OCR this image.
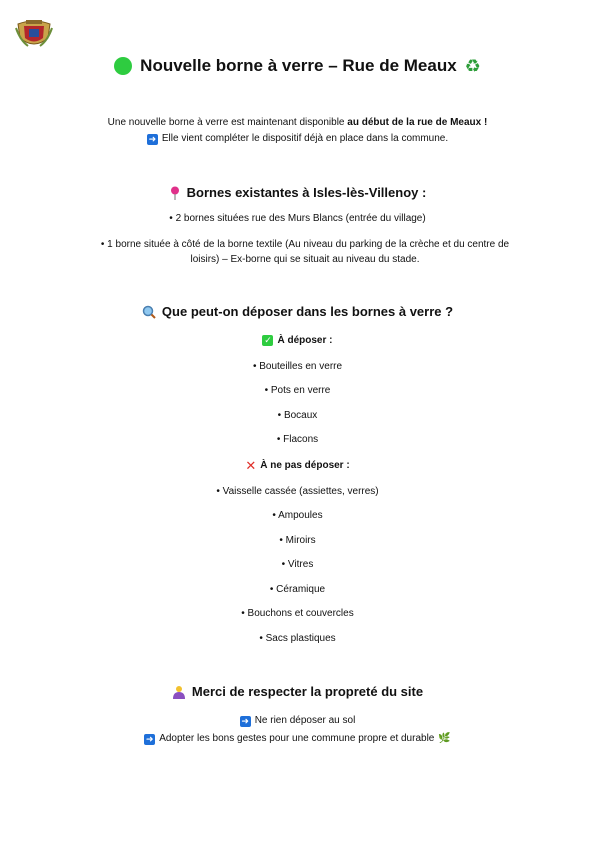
Nouvelle borne à verre – Rue de Meaux ♻
Une nouvelle borne à verre est maintenant disponible au début de la rue de Meaux !
➜ Elle vient compléter le dispositif déjà en place dans la commune.
Bornes existantes à Isles-lès-Villenoy :
• 2 bornes situées rue des Murs Blancs (entrée du village)
• 1 borne située à côté de la borne textile (Au niveau du parking de la crèche et du centre de loisirs) – Ex-borne qui se situait au niveau du stade.
Que peut-on déposer dans les bornes à verre ?
✓ À déposer :
• Bouteilles en verre
• Pots en verre
• Bocaux
• Flacons
✕ À ne pas déposer :
• Vaisselle cassée (assiettes, verres)
• Ampoules
• Miroirs
• Vitres
• Céramique
• Bouchons et couvercles
• Sacs plastiques
Merci de respecter la propreté du site
➜ Ne rien déposer au sol
➜ Adopter les bons gestes pour une commune propre et durable 🌿
